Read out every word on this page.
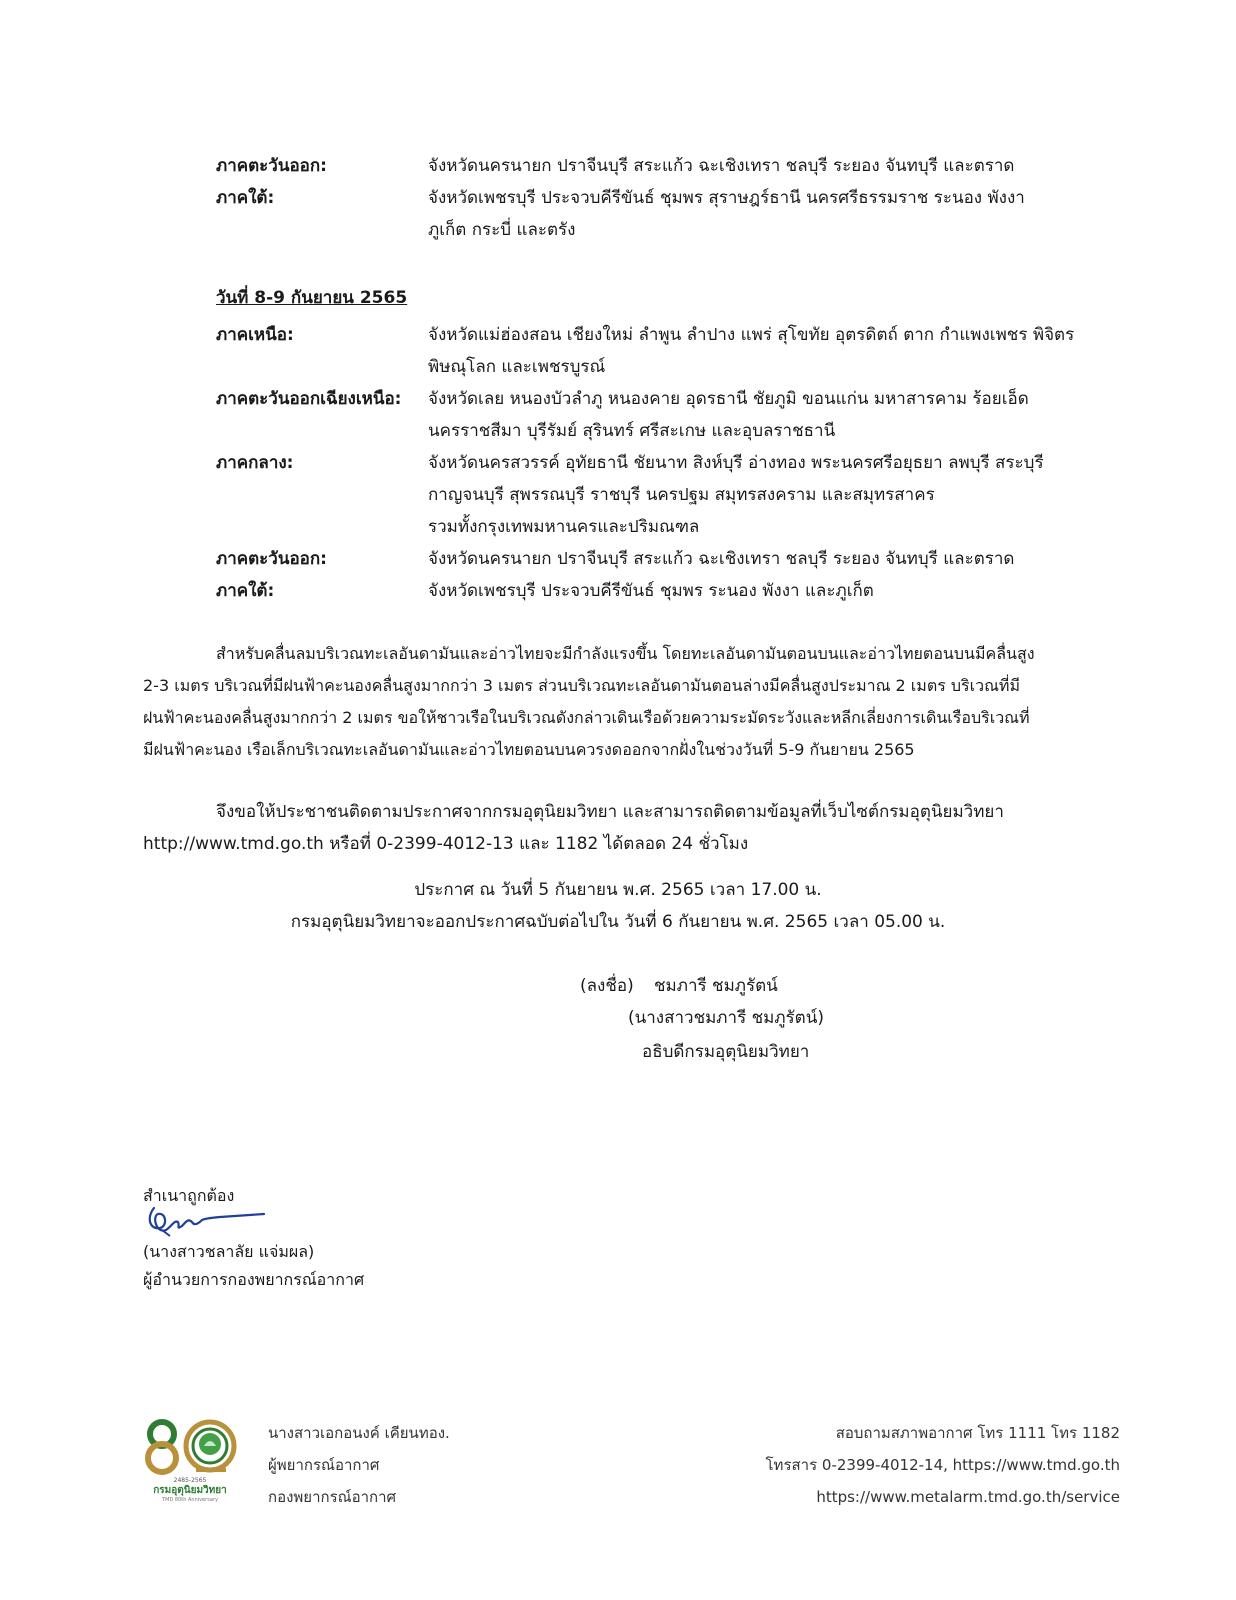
ภาคตะวันออก:	จังหวัดนครนายก ปราจีนบุรี สระแก้ว ฉะเชิงเทรา ชลบุรี ระยอง จันทบุรี และตราด
ภาคใต้:	จังหวัดเพชรบุรี ประจวบคีรีขันธ์ ชุมพร สุราษฎร์ธานี นครศรีธรรมราช ระนอง พังงา
ภูเก็ต กระบี่ และตรัง
วันที่ 8-9 กันยายน 2565
ภาคเหนือ:	จังหวัดแม่ฮ่องสอน เชียงใหม่ ลำพูน ลำปาง แพร่ สุโขทัย อุตรดิตถ์ ตาก กำแพงเพชร พิจิตร
พิษณุโลก และเพชรบูรณ์
ภาคตะวันออกเฉียงเหนือ: จังหวัดเลย หนองบัวลำภู หนองคาย อุดรธานี ชัยภูมิ ขอนแก่น มหาสารคาม ร้อยเอ็ด
นครราชสีมา บุรีรัมย์ สุรินทร์ ศรีสะเกษ และอุบลราชธานี
ภาคกลาง:	จังหวัดนครสวรรค์ อุทัยธานี ชัยนาท สิงห์บุรี อ่างทอง พระนครศรีอยุธยา ลพบุรี สระบุรี
กาญจนบุรี สุพรรณบุรี ราชบุรี นครปฐม สมุทรสงคราม และสมุทรสาคร
รวมทั้งกรุงเทพมหานครและปริมณฑล
ภาคตะวันออก:	จังหวัดนครนายก ปราจีนบุรี สระแก้ว ฉะเชิงเทรา ชลบุรี ระยอง จันทบุรี และตราด
ภาคใต้:	จังหวัดเพชรบุรี ประจวบคีรีขันธ์ ชุมพร ระนอง พังงา และภูเก็ต
สำหรับคลื่นลมบริเวณทะเลอันดามันและอ่าวไทยจะมีกำลังแรงขึ้น โดยทะเลอันดามันตอนบนและอ่าวไทยตอนบนมีคลื่นสูง
2-3 เมตร บริเวณที่มีฝนฟ้าคะนองคลื่นสูงมากกว่า 3 เมตร ส่วนบริเวณทะเลอันดามันตอนล่างมีคลื่นสูงประมาณ 2 เมตร บริเวณที่มี
ฝนฟ้าคะนองคลื่นสูงมากกว่า 2 เมตร ขอให้ชาวเรือในบริเวณดังกล่าวเดินเรือด้วยความระมัดระวังและหลีกเลี่ยงการเดินเรือบริเวณที่
มีฝนฟ้าคะนอง เรือเล็กบริเวณทะเลอันดามันและอ่าวไทยตอนบนควรงดออกจากฝั่งในช่วงวันที่ 5-9 กันยายน 2565
จึงขอให้ประชาชนติดตามประกาศจากกรมอุตุนิยมวิทยา และสามารถติดตามข้อมูลที่เว็บไซต์กรมอุตุนิยมวิทยา
http://www.tmd.go.th หรือที่ 0-2399-4012-13 และ 1182 ได้ตลอด 24 ชั่วโมง
ประกาศ ณ วันที่ 5 กันยายน พ.ศ. 2565 เวลา 17.00 น.
กรมอุตุนิยมวิทยาจะออกประกาศฉบับต่อไปใน วันที่ 6 กันยายน พ.ศ. 2565 เวลา 05.00 น.
(ลงชื่อ) ชมภารี ชมภูรัตน์
(นางสาวชมภารี ชมภูรัตน์)
อธิบดีกรมอุตุนิยมวิทยา
สำเนาถูกต้อง
(นางสาวชลาลัย แจ่มผล)
ผู้อำนวยการกองพยากรณ์อากาศ
2485-2565
กรมอุตุนิยมวิทยา
TMD 80th Anniversary
นางสาวเอกอนงค์ เคียนทอง.
ผู้พยากรณ์อากาศ
กองพยากรณ์อากาศ
สอบถามสภาพอากาศ โทร 1111 โทร 1182
โทรสาร 0-2399-4012-14, https://www.tmd.go.th
https://www.metalarm.tmd.go.th/service
